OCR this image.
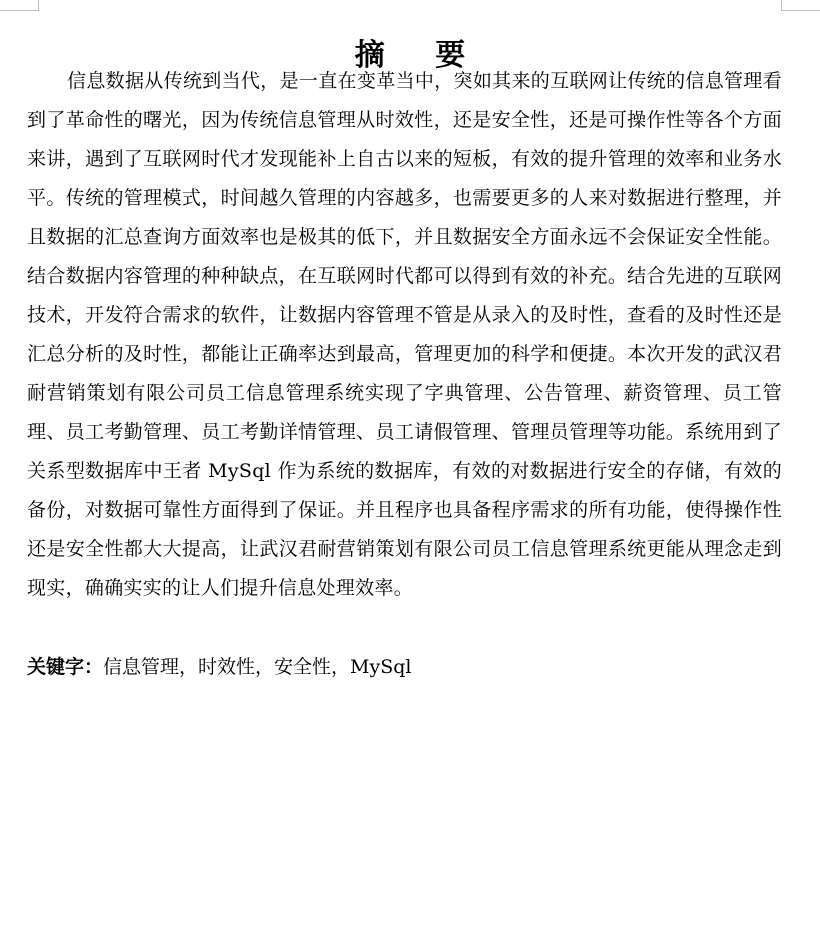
摘 要

信息数据从传统到当代，是一直在变革当中，突如其来的互联网让传统的信息管理看到了革命性的曙光，因为传统信息管理从时效性，还是安全性，还是可操作性等各个方面来讲，遇到了互联网时代才发现能补上自古以来的短板，有效的提升管理的效率和业务水平。传统的管理模式，时间越久管理的内容越多，也需要更多的人来对数据进行整理，并且数据的汇总查询方面效率也是极其的低下，并且数据安全方面永远不会保证安全性能。结合数据内容管理的种种缺点，在互联网时代都可以得到有效的补充。结合先进的互联网技术，开发符合需求的软件，让数据内容管理不管是从录入的及时性，查看的及时性还是汇总分析的及时性，都能让正确率达到最高，管理更加的科学和便捷。本次开发的武汉君耐营销策划有限公司员工信息管理系统实现了字典管理、公告管理、薪资管理、员工管理、员工考勤管理、员工考勤详情管理、员工请假管理、管理员管理等功能。系统用到了关系型数据库中王者 MySql 作为系统的数据库，有效的对数据进行安全的存储，有效的备份，对数据可靠性方面得到了保证。并且程序也具备程序需求的所有功能，使得操作性还是安全性都大大提高，让武汉君耐营销策划有限公司员工信息管理系统更能从理念走到现实，确确实实的让人们提升信息处理效率。

关键字：信息管理，时效性，安全性，MySql
